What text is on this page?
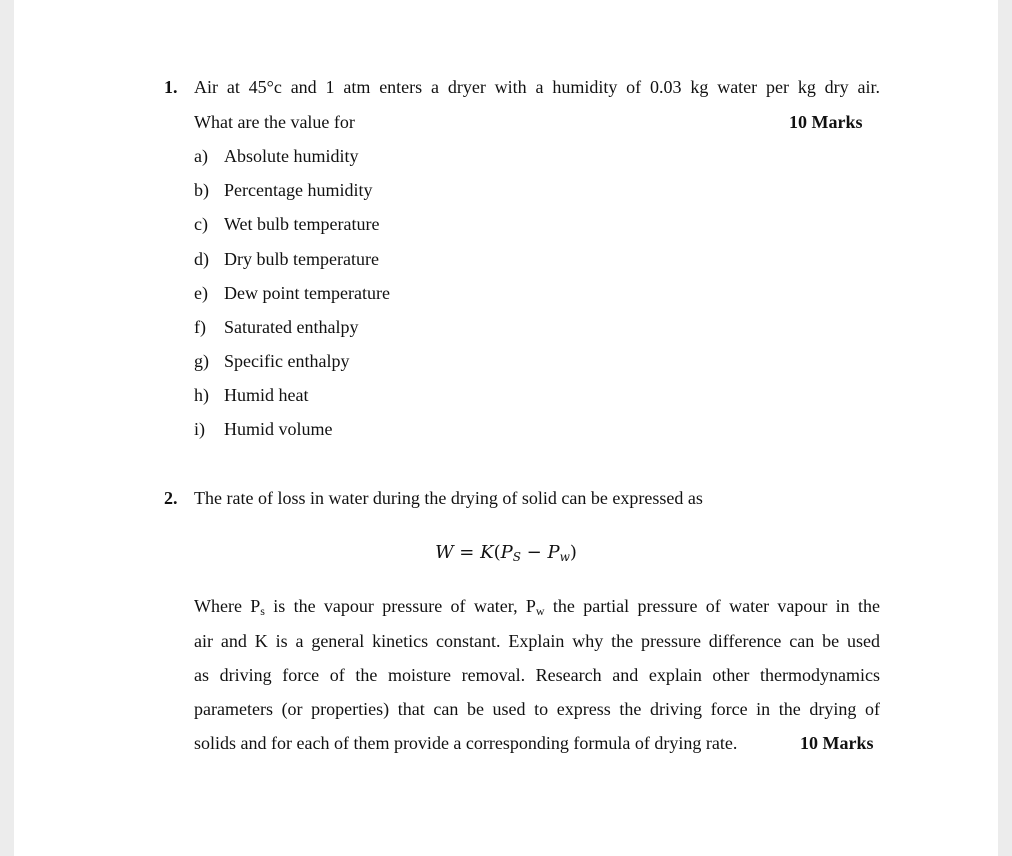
1. Air at 45°c and 1 atm enters a dryer with a humidity of 0.03 kg water per kg dry air.
What are the value for	10 Marks
a) Absolute humidity
b) Percentage humidity
c) Wet bulb temperature
d) Dry bulb temperature
e) Dew point temperature
f) Saturated enthalpy
g) Specific enthalpy
h) Humid heat
i) Humid volume
2. The rate of loss in water during the drying of solid can be expressed as
$W = K(P_S - P_w)$
Where $P_s$ is the vapour pressure of water, $P_w$ the partial pressure of water vapour in the
air and K is a general kinetics constant. Explain why the pressure difference can be used
as driving force of the moisture removal. Research and explain other thermodynamics
parameters (or properties) that can be used to express the driving force in the drying of
solids and for each of them provide a corresponding formula of drying rate.	10 Marks
